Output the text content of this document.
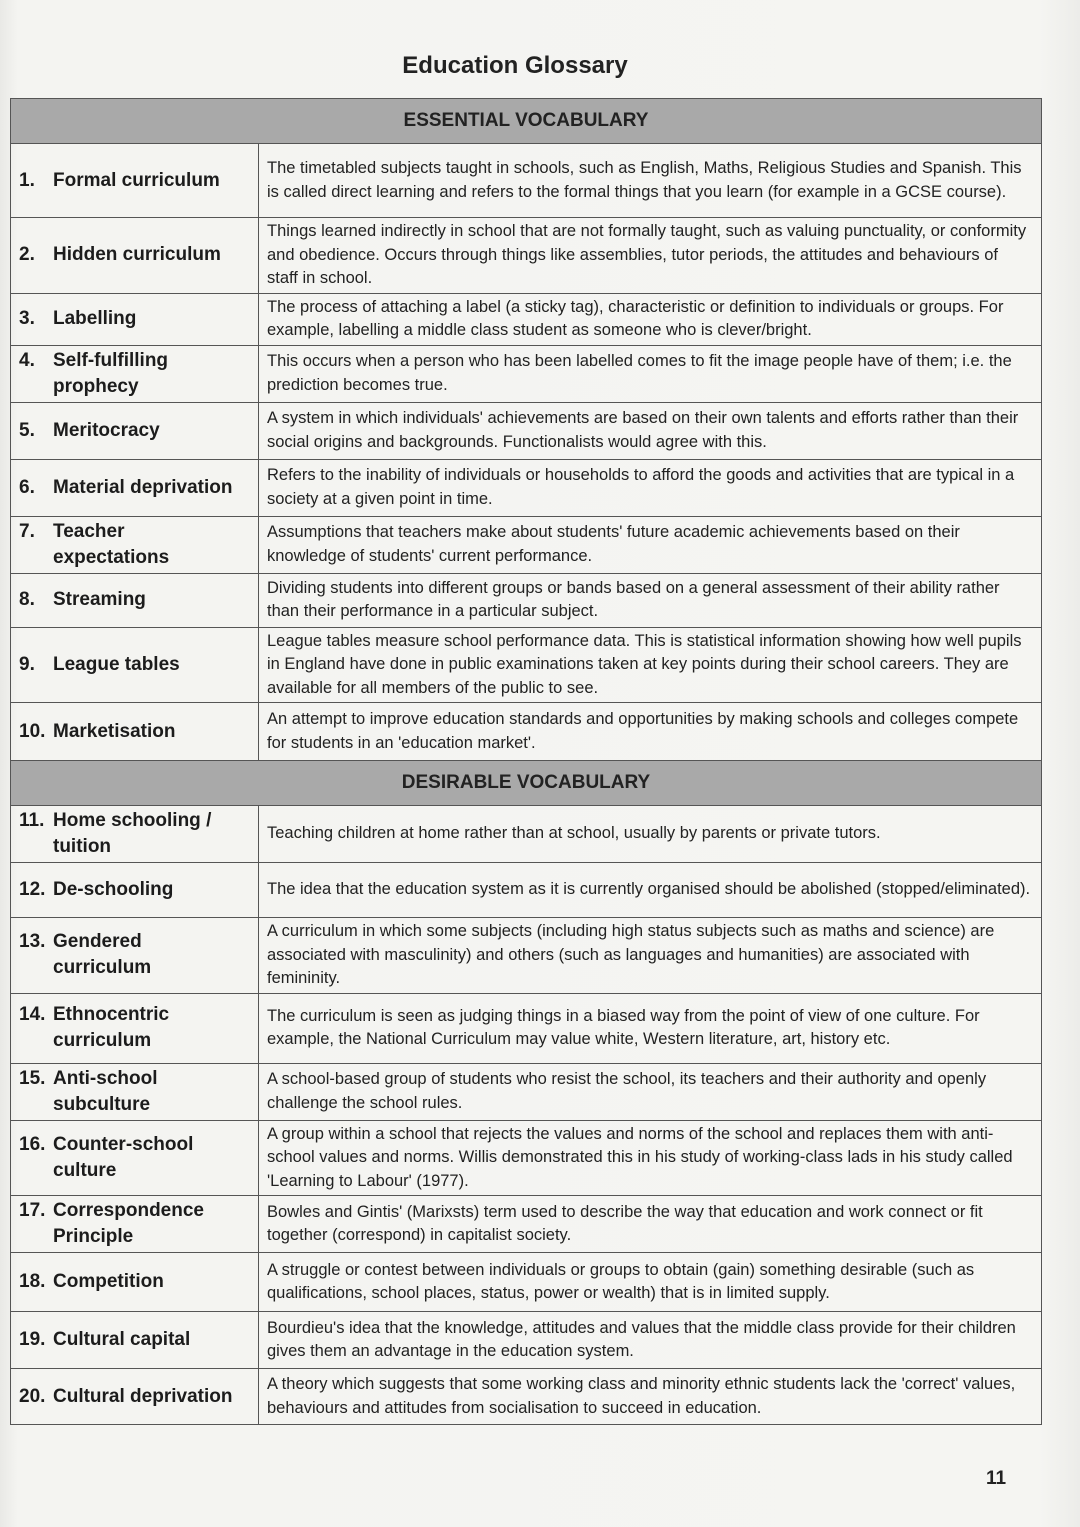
Education Glossary
ESSENTIAL VOCABULARY	
1. Formal curriculum	The timetabled subjects taught in schools, such as English, Maths, Religious Studies and Spanish. This is called direct learning and refers to the formal things that you learn (for example in a GCSE course).
2. Hidden curriculum	Things learned indirectly in school that are not formally taught, such as valuing punctuality, or conformity and obedience. Occurs through things like assemblies, tutor periods, the attitudes and behaviours of staff in school.
3. Labelling	The process of attaching a label (a sticky tag), characteristic or definition to individuals or groups. For example, labelling a middle class student as someone who is clever/bright.
4. Self-fulfilling prophecy	This occurs when a person who has been labelled comes to fit the image people have of them; i.e. the prediction becomes true.
5. Meritocracy	A system in which individuals' achievements are based on their own talents and efforts rather than their social origins and backgrounds. Functionalists would agree with this.
6. Material deprivation	Refers to the inability of individuals or households to afford the goods and activities that are typical in a society at a given point in time.
7. Teacher expectations	Assumptions that teachers make about students' future academic achievements based on their knowledge of students' current performance.
8. Streaming	Dividing students into different groups or bands based on a general assessment of their ability rather than their performance in a particular subject.
9. League tables	League tables measure school performance data. This is statistical information showing how well pupils in England have done in public examinations taken at key points during their school careers. They are available for all members of the public to see.
10. Marketisation	An attempt to improve education standards and opportunities by making schools and colleges compete for students in an 'education market'.
DESIRABLE VOCABULARY	
11. Home schooling / tuition	Teaching children at home rather than at school, usually by parents or private tutors.
12. De-schooling	The idea that the education system as it is currently organised should be abolished (stopped/eliminated).
13. Gendered curriculum	A curriculum in which some subjects (including high status subjects such as maths and science) are associated with masculinity) and others (such as languages and humanities) are associated with femininity.
14. Ethnocentric curriculum	The curriculum is seen as judging things in a biased way from the point of view of one culture. For example, the National Curriculum may value white, Western literature, art, history etc.
15. Anti-school subculture	A school-based group of students who resist the school, its teachers and their authority and openly challenge the school rules.
16. Counter-school culture	A group within a school that rejects the values and norms of the school and replaces them with anti-school values and norms. Willis demonstrated this in his study of working-class lads in his study called 'Learning to Labour' (1977).
17. Correspondence Principle	Bowles and Gintis' (Marixsts) term used to describe the way that education and work connect or fit together (correspond) in capitalist society.
18. Competition	A struggle or contest between individuals or groups to obtain (gain) something desirable (such as qualifications, school places, status, power or wealth) that is in limited supply.
19. Cultural capital	Bourdieu's idea that the knowledge, attitudes and values that the middle class provide for their children gives them an advantage in the education system.
20. Cultural deprivation	A theory which suggests that some working class and minority ethnic students lack the 'correct' values, behaviours and attitudes from socialisation to succeed in education.
11
